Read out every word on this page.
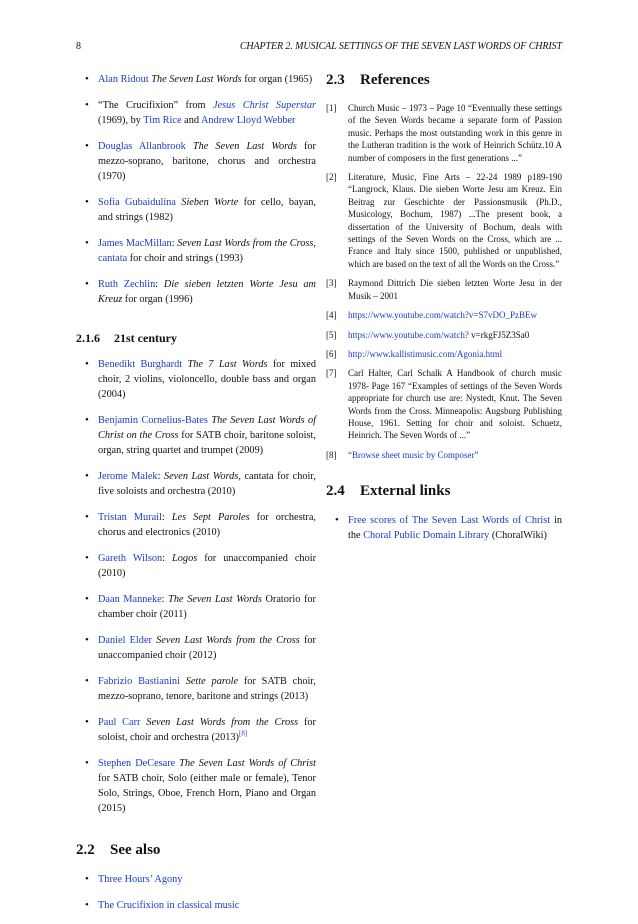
8	CHAPTER 2. MUSICAL SETTINGS OF THE SEVEN LAST WORDS OF CHRIST
• Alan Ridout The Seven Last Words for organ (1965)
• “The Crucifixion” from Jesus Christ Superstar (1969), by Tim Rice and Andrew Lloyd Webber
• Douglas Allanbrook The Seven Last Words for mezzo-soprano, baritone, chorus and orchestra (1970)
• Sofia Gubaidulina Sieben Worte for cello, bayan, and strings (1982)
• James MacMillan: Seven Last Words from the Cross, cantata for choir and strings (1993)
• Ruth Zechlin: Die sieben letzten Worte Jesu am Kreuz for organ (1996)
2.1.6 21st century
• Benedikt Burghardt The 7 Last Words for mixed choir, 2 violins, violoncello, double bass and organ (2004)
• Benjamin Cornelius-Bates The Seven Last Words of Christ on the Cross for SATB choir, baritone soloist, organ, string quartet and trumpet (2009)
• Jerome Malek: Seven Last Words, cantata for choir, five soloists and orchestra (2010)
• Tristan Murail: Les Sept Paroles for orchestra, chorus and electronics (2010)
• Gareth Wilson: Logos for unaccompanied choir (2010)
• Daan Manneke: The Seven Last Words Oratorio for chamber choir (2011)
• Daniel Elder Seven Last Words from the Cross for unaccompanied choir (2012)
• Fabrizio Bastianini Sette parole for SATB choir, mezzo-soprano, tenore, baritone and strings (2013)
• Paul Carr Seven Last Words from the Cross for soloist, choir and orchestra (2013)[8]
• Stephen DeCesare The Seven Last Words of Christ for SATB choir, Solo (either male or female), Tenor Solo, Strings, Oboe, French Horn, Piano and Organ (2015)
2.2 See also
• Three Hours’ Agony
• The Crucifixion in classical music
2.3 References
[1] Church Music – 1973 – Page 10 “Eventually these settings of the Seven Words became a separate form of Passion music. Perhaps the most outstanding work in this genre in the Lutheran tradition is the work of Heinrich Schütz.10 A number of composers in the first generations ...”
[2] Literature, Music, Fine Arts – 22-24 1989 p189-190 “Langrock, Klaus. Die sieben Worte Jesu am Kreuz. Ein Beitrag zur Geschichte der Passionsmusik (Ph.D., Musicology, Bochum, 1987) ...The present book, a dissertation of the University of Bochum, deals with settings of the Seven Words on the Cross, which are ... France and Italy since 1500, published or unpublished, which are based on the text of all the Words on the Cross.”
[3] Raymond Dittrich Die sieben letzten Worte Jesu in der Musik – 2001
[4] https://www.youtube.com/watch?v=S7vDO_PzBEw
[5] https://www.youtube.com/watch? v=rkgFJ5Z3Sa0
[6] http://www.kallistimusic.com/Agonia.html
[7] Carl Halter, Carl Schalk A Handbook of church music 1978- Page 167 “Examples of settings of the Seven Words appropriate for church use are: Nystedt, Knut. The Seven Words from the Cross. Minneapolis: Augsburg Publishing House, 1961. Setting for choir and soloist. Schuetz, Heinrich. The Seven Words of ...”
[8] “Browse sheet music by Composer”
2.4 External links
• Free scores of The Seven Last Words of Christ in the Choral Public Domain Library (ChoralWiki)
